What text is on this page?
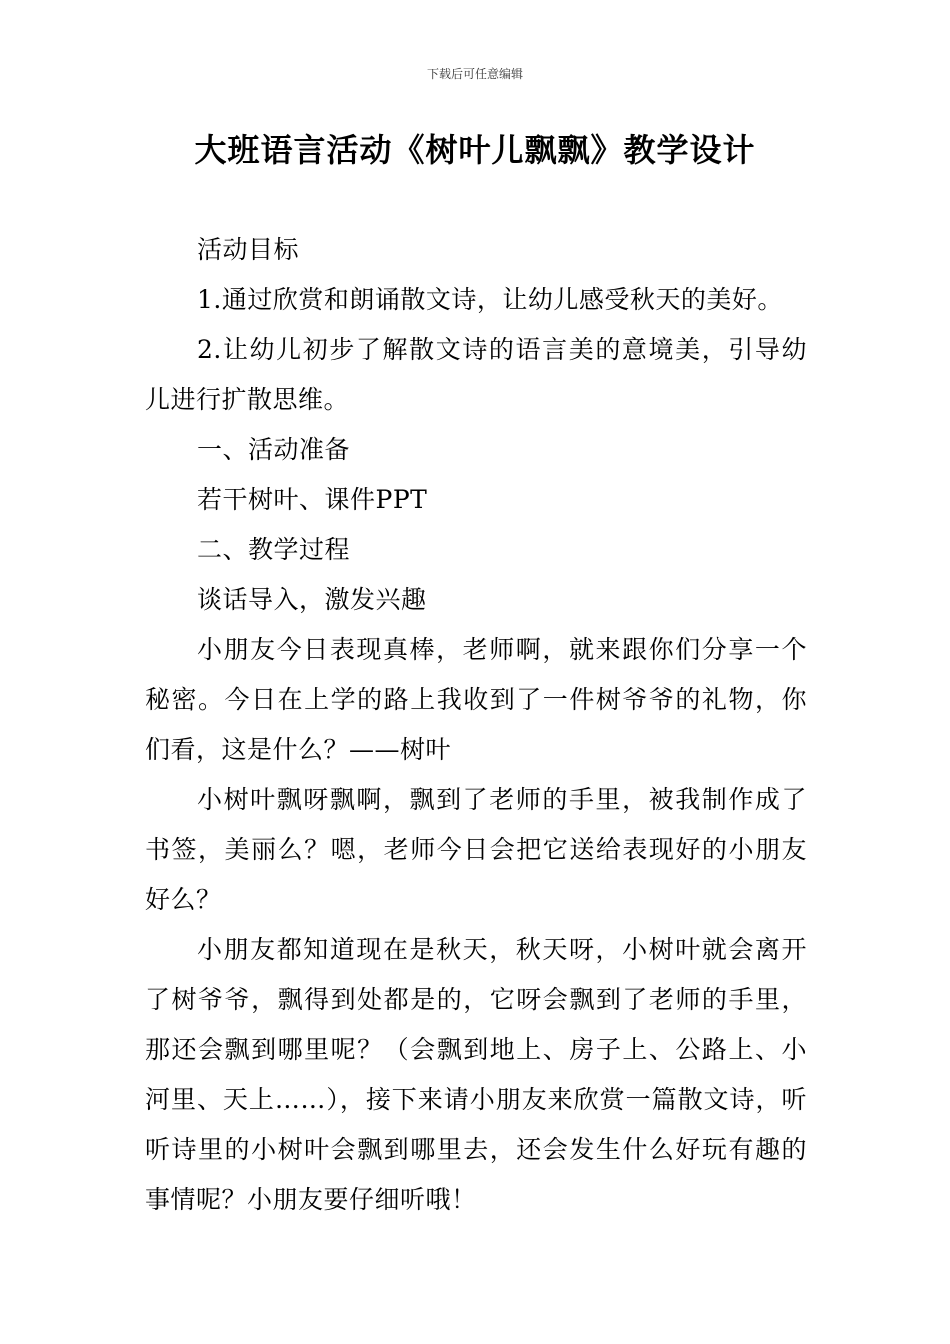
下载后可任意编辑
大班语言活动《树叶儿飘飘》教学设计

活动目标

1.通过欣赏和朗诵散文诗，让幼儿感受秋天的美好。

2.让幼儿初步了解散文诗的语言美的意境美，引导幼儿进行扩散思维。

一、活动准备

若干树叶、课件PPT

二、教学过程

谈话导入，激发兴趣

小朋友今日表现真棒，老师啊，就来跟你们分享一个秘密。今日在上学的路上我收到了一件树爷爷的礼物，你们看，这是什么？——树叶

小树叶飘呀飘啊，飘到了老师的手里，被我制作成了书签，美丽么？嗯，老师今日会把它送给表现好的小朋友好么？

小朋友都知道现在是秋天，秋天呀，小树叶就会离开了树爷爷，飘得到处都是的，它呀会飘到了老师的手里，那还会飘到哪里呢？（会飘到地上、房子上、公路上、小河里、天上……），接下来请小朋友来欣赏一篇散文诗，听听诗里的小树叶会飘到哪里去，还会发生什么好玩有趣的事情呢？小朋友要仔细听哦！
